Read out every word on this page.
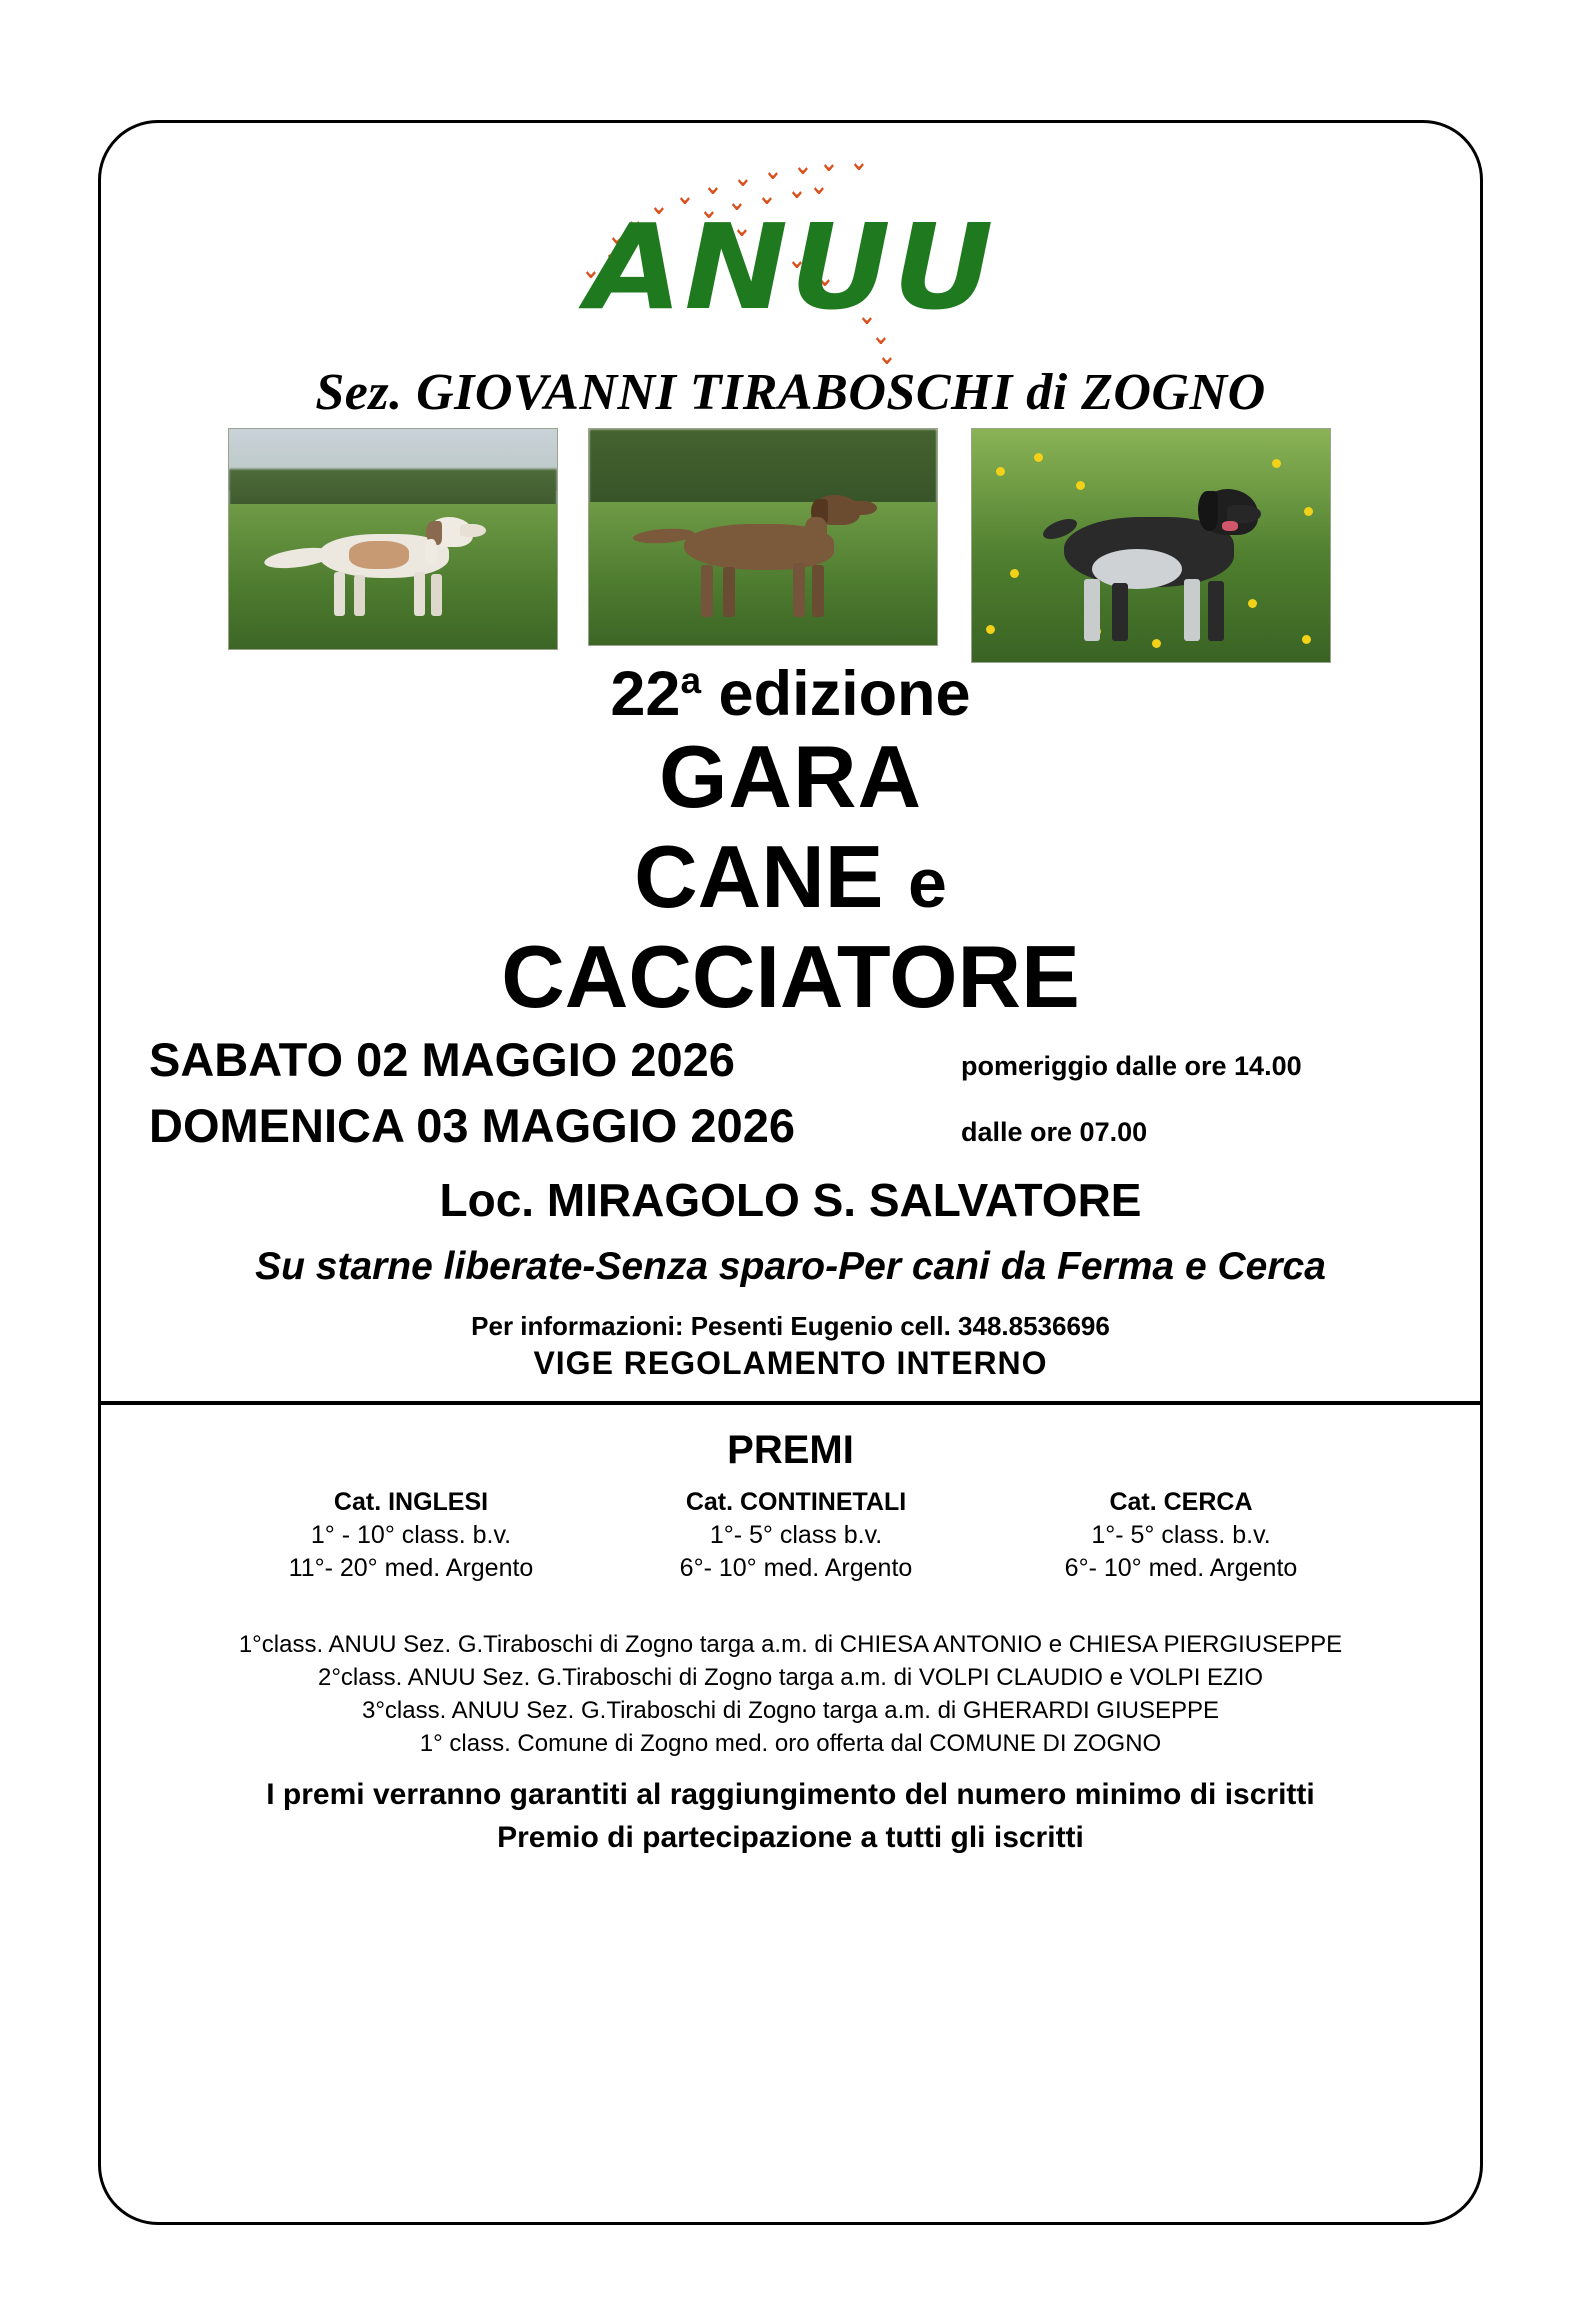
ANUU
Sez. GIOVANNI TIRABOSCHI di ZOGNO
22$^a$ edizione
GARA
CANE e
CACCIATORE
SABATO 02 MAGGIO 2026	pomeriggio dalle ore 14.00
DOMENICA 03 MAGGIO 2026	dalle ore 07.00
Loc. MIRAGOLO S. SALVATORE
Su starne liberate-Senza sparo-Per cani da Ferma e Cerca
Per informazioni: Pesenti Eugenio cell. 348.8536696
VIGE REGOLAMENTO INTERNO
PREMI
Cat. INGLESI
1° - 10° class. b.v.
11°- 20° med. Argento
Cat. CONTINETALI
1°- 5° class b.v.
6°- 10° med. Argento
Cat. CERCA
1°- 5° class. b.v.
6°- 10° med. Argento
1°class. ANUU Sez. G.Tiraboschi di Zogno targa a.m. di CHIESA ANTONIO e CHIESA PIERGIUSEPPE
2°class. ANUU Sez. G.Tiraboschi di Zogno targa a.m. di VOLPI CLAUDIO e VOLPI EZIO
3°class. ANUU Sez. G.Tiraboschi di Zogno targa a.m. di GHERARDI GIUSEPPE
1° class. Comune di Zogno med. oro offerta dal COMUNE DI ZOGNO
I premi verranno garantiti al raggiungimento del numero minimo di iscritti
Premio di partecipazione a tutti gli iscritti
